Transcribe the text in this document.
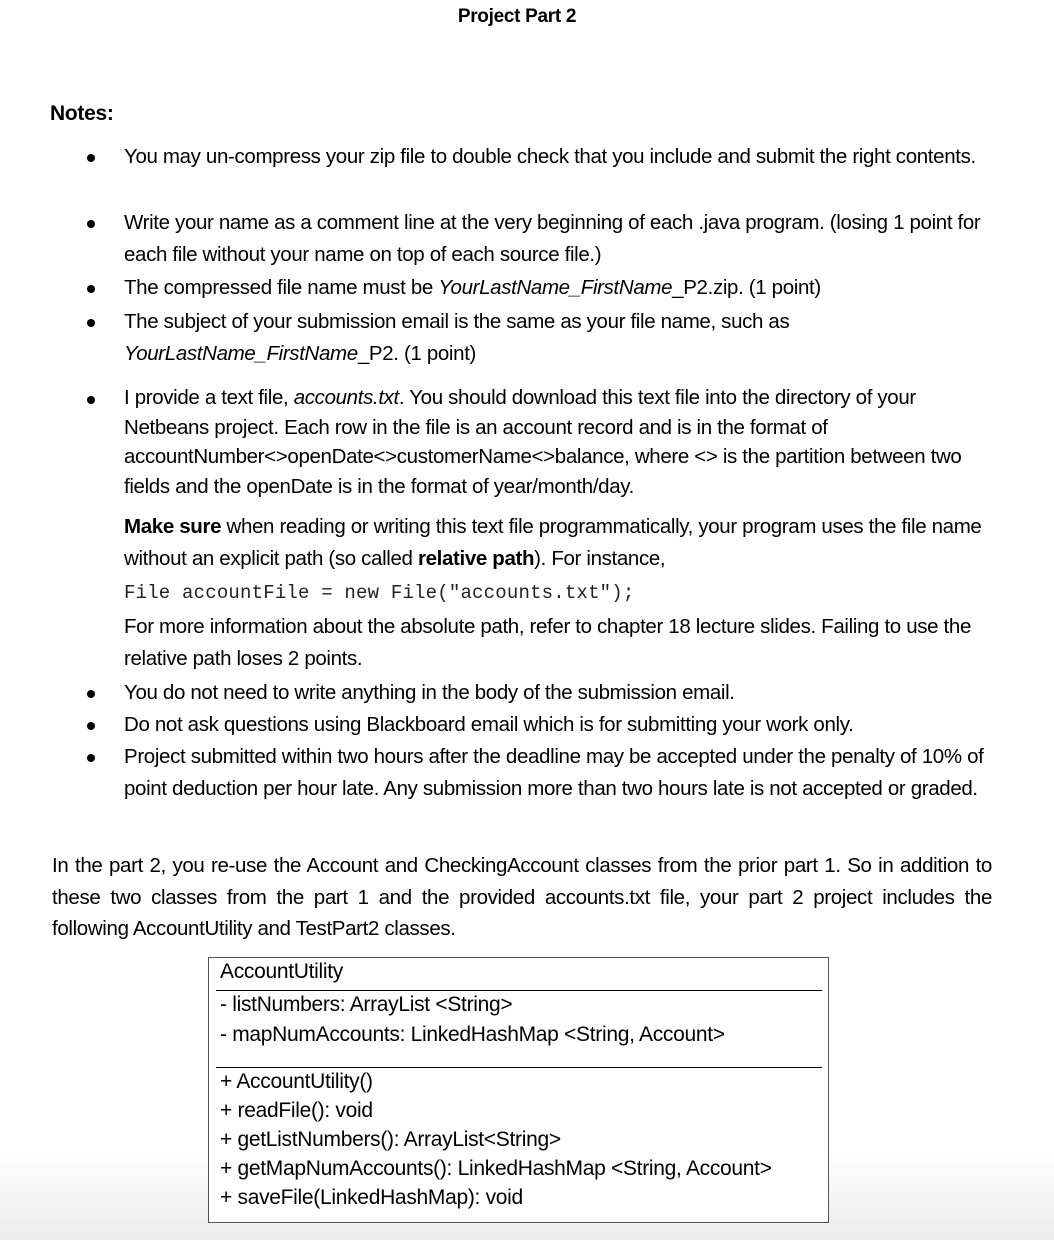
Project Part 2
Notes:
You may un-compress your zip file to double check that you include and submit the right contents.
Write your name as a comment line at the very beginning of each .java program. (losing 1 point for each file without your name on top of each source file.)
The compressed file name must be YourLastName_FirstName_P2.zip. (1 point)
The subject of your submission email is the same as your file name, such as YourLastName_FirstName_P2. (1 point)
I provide a text file, accounts.txt. You should download this text file into the directory of your Netbeans project. Each row in the file is an account record and is in the format of accountNumber<>openDate<>customerName<>balance, where <> is the partition between two fields and the openDate is in the format of year/month/day.
Make sure when reading or writing this text file programmatically, your program uses the file name without an explicit path (so called relative path). For instance,
File accountFile = new File("accounts.txt");
For more information about the absolute path, refer to chapter 18 lecture slides. Failing to use the relative path loses 2 points.
You do not need to write anything in the body of the submission email.
Do not ask questions using Blackboard email which is for submitting your work only.
Project submitted within two hours after the deadline may be accepted under the penalty of 10% of point deduction per hour late. Any submission more than two hours late is not accepted or graded.
In the part 2, you re-use the Account and CheckingAccount classes from the prior part 1. So in addition to these two classes from the part 1 and the provided accounts.txt file, your part 2 project includes the following AccountUtility and TestPart2 classes.
AccountUtility
- listNumbers: ArrayList <String>
- mapNumAccounts: LinkedHashMap <String, Account>
+ AccountUtility()
+ readFile(): void
+ getListNumbers(): ArrayList<String>
+ getMapNumAccounts(): LinkedHashMap <String, Account>
+ saveFile(LinkedHashMap): void
